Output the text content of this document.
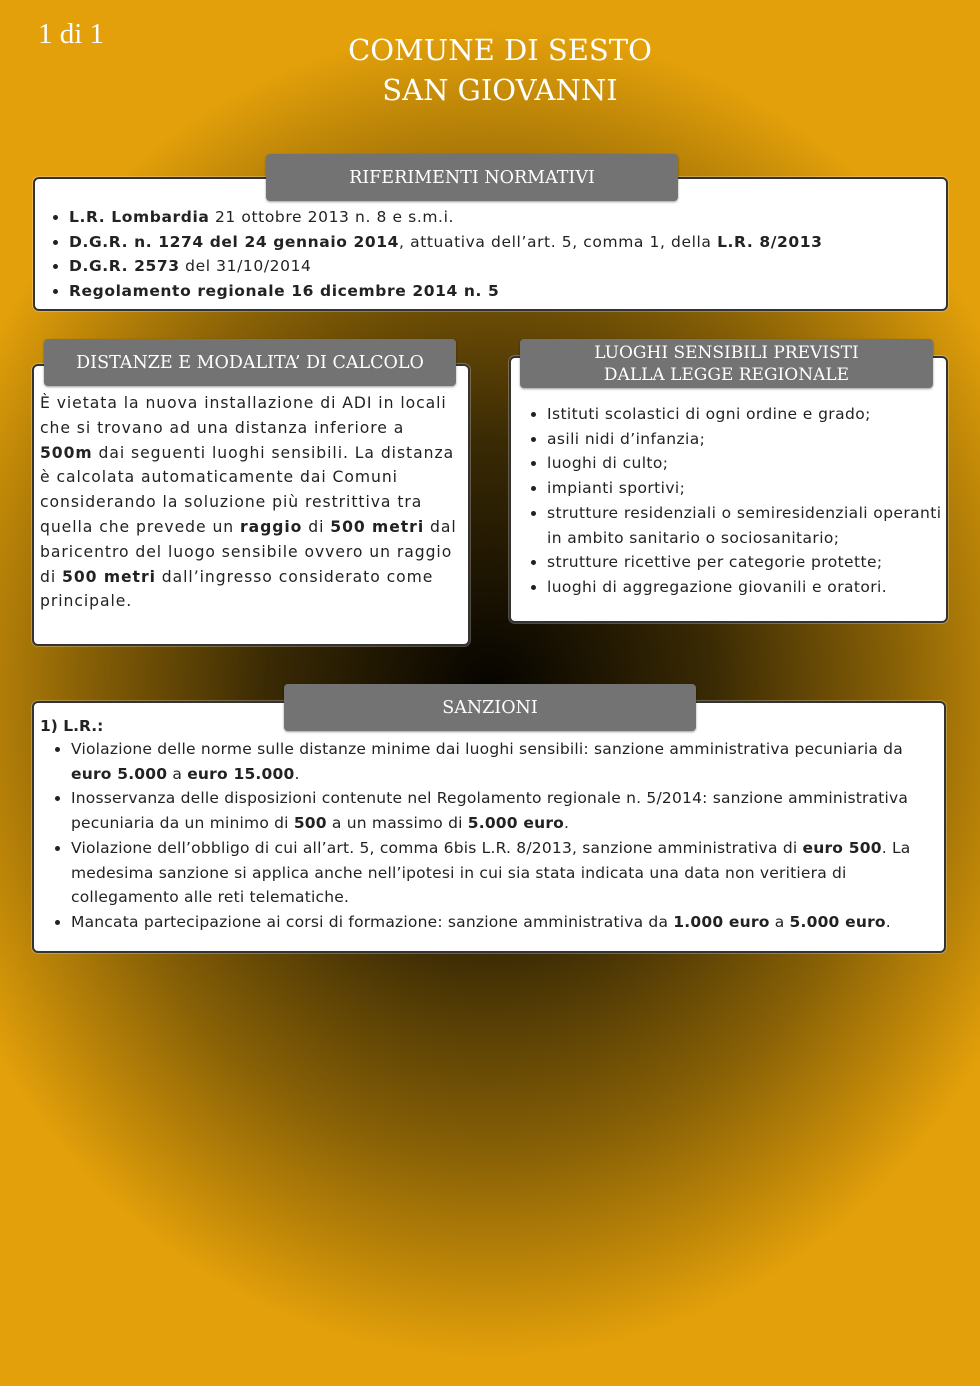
1 di 1	COMUNE DI SESTO
SAN GIOVANNI
• L.R. Lombardia 21 ottobre 2013 n. 8 e s.m.i.
• D.G.R. n. 1274 del 24 gennaio 2014, attuativa dell’art. 5, comma 1, della L.R. 8/2013
• D.G.R. 2573 del 31/10/2014
• Regolamento regionale 16 dicembre 2014 n. 5
RIFERIMENTI NORMATIVI

È vietata la nuova installazione di ADI in locali che si trovano ad una distanza inferiore a 500m dai seguenti luoghi sensibili. La distanza è calcolata automaticamente dai Comuni considerando la soluzione più restrittiva tra quella che prevede un raggio di 500 metri dal baricentro del luogo sensibile ovvero un raggio di 500 metri dall’ingresso considerato come principale.

DISTANZE E MODALITA’ DI CALCOLO
• Istituti scolastici di ogni ordine e grado;
• asili nidi d’infanzia;
• luoghi di culto;
• impianti sportivi;
• strutture residenziali o semiresidenziali operanti in ambito sanitario o sociosanitario;
• strutture ricettive per categorie protette;
• luoghi di aggregazione giovanili e oratori.
LUOGHI SENSIBILI PREVISTI
DALLA LEGGE REGIONALE
1) L.R.:
• Violazione delle norme sulle distanze minime dai luoghi sensibili: sanzione amministrativa pecuniaria da euro 5.000 a euro 15.000.
• Inosservanza delle disposizioni contenute nel Regolamento regionale n. 5/2014: sanzione amministrativa pecuniaria da un minimo di 500 a un massimo di 5.000 euro.
• Violazione dell’obbligo di cui all’art. 5, comma 6bis L.R. 8/2013, sanzione amministrativa di euro 500. La medesima sanzione si applica anche nell’ipotesi in cui sia stata indicata una data non veritiera di collegamento alle reti telematiche.
• Mancata partecipazione ai corsi di formazione: sanzione amministrativa da 1.000 euro a 5.000 euro.
SANZIONI
